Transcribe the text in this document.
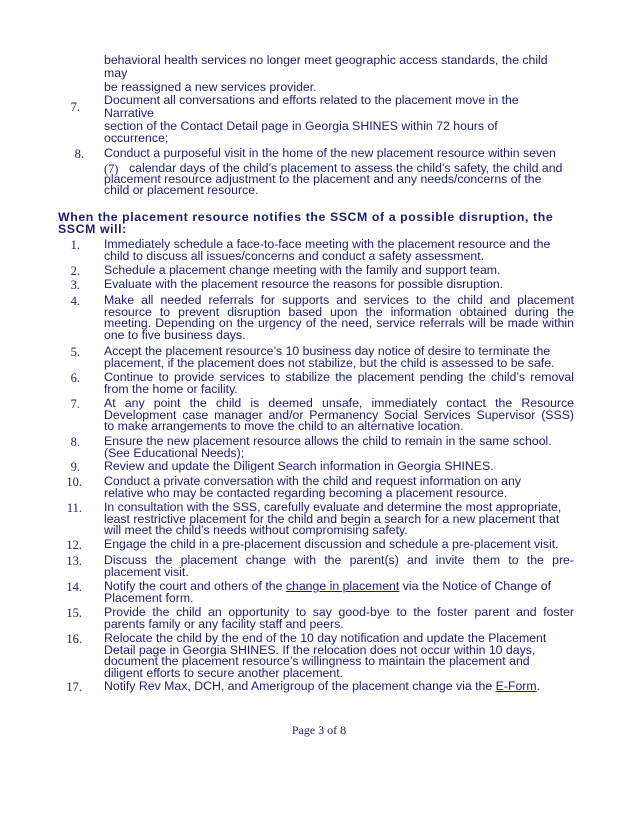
behavioral health services no longer meet geographic access standards, the child
may
be reassigned a new services provider.
7. Document all conversations and efforts related to the placement move in the
Narrative
section of the Contact Detail page in Georgia SHINES within 72 hours of
occurrence;
8. Conduct a purposeful visit in the home of the new placement resource within seven
(7) calendar days of the child’s placement to assess the child’s safety, the child and
placement resource adjustment to the placement and any needs/concerns of the
child or placement resource.
When the placement resource notifies the SSCM of a possible disruption, the
SSCM will:
1. Immediately schedule a face-to-face meeting with the placement resource and the
child to discuss all issues/concerns and conduct a safety assessment.
2. Schedule a placement change meeting with the family and support team.
3. Evaluate with the placement resource the reasons for possible disruption.
4. Make all needed referrals for supports and services to the child and placement
resource to prevent disruption based upon the information obtained during the
meeting. Depending on the urgency of the need, service referrals will be made within
one to five business days.
5. Accept the placement resource’s 10 business day notice of desire to terminate the
placement, if the placement does not stabilize, but the child is assessed to be safe.
6. Continue to provide services to stabilize the placement pending the child’s removal
from the home or facility.
7. At any point the child is deemed unsafe, immediately contact the Resource
Development case manager and/or Permanency Social Services Supervisor (SSS)
to make arrangements to move the child to an alternative location.
8. Ensure the new placement resource allows the child to remain in the same school.
(See Educational Needs);
9. Review and update the Diligent Search information in Georgia SHINES.
10. Conduct a private conversation with the child and request information on any
relative who may be contacted regarding becoming a placement resource.
11. In consultation with the SSS, carefully evaluate and determine the most appropriate,
least restrictive placement for the child and begin a search for a new placement that
will meet the child’s needs without compromising safety.
12. Engage the child in a pre-placement discussion and schedule a pre-placement visit.
13. Discuss the placement change with the parent(s) and invite them to the pre-
placement visit.
14. Notify the court and others of the change in placement via the Notice of Change of
Placement form.
15. Provide the child an opportunity to say good-bye to the foster parent and foster
parents family or any facility staff and peers.
16. Relocate the child by the end of the 10 day notification and update the Placement
Detail page in Georgia SHINES. If the relocation does not occur within 10 days,
document the placement resource’s willingness to maintain the placement and
diligent efforts to secure another placement.
17. Notify Rev Max, DCH, and Amerigroup of the placement change via the E-Form.
Page 3 of 8
